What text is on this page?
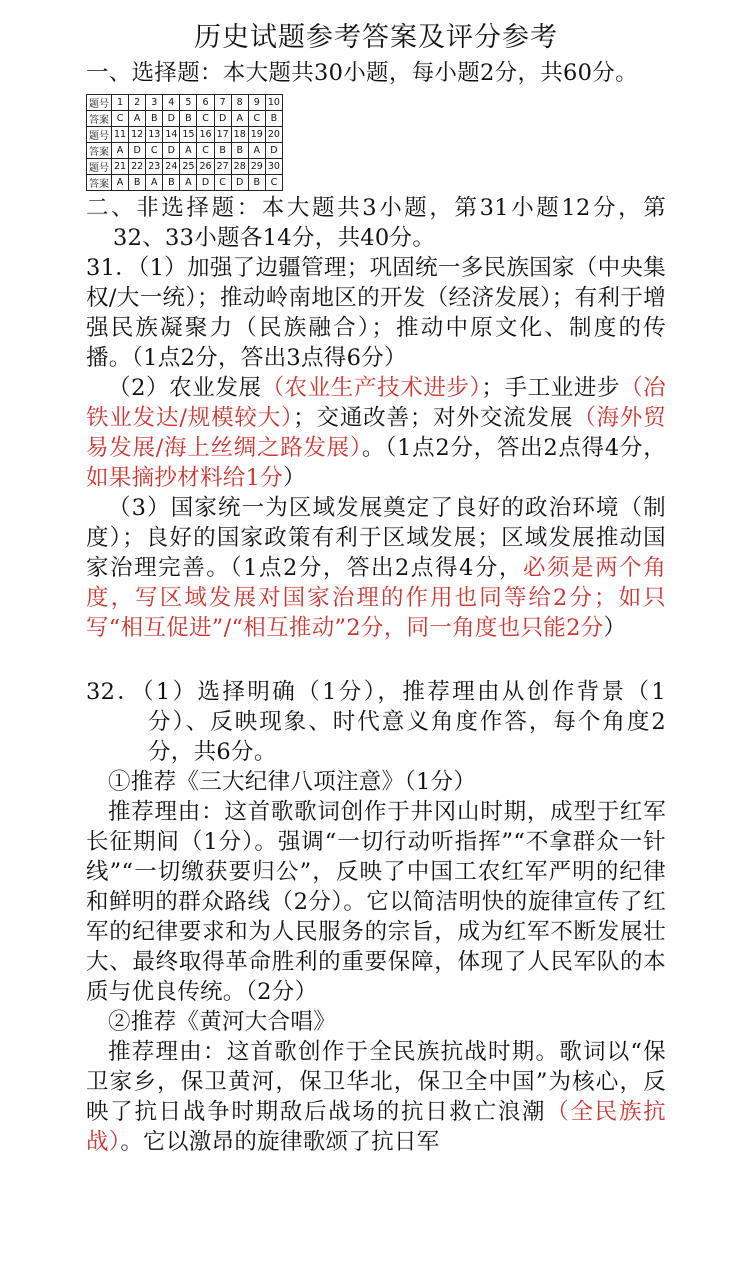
历史试题参考答案及评分参考
一、选择题：本大题共30小题，每小题2分，共60分。
题号	1	2	3	4	5	6	7	8	9	10
答案	C	A	B	D	B	C	D	A	C	B
题号	11	12	13	14	15	16	17	18	19	20
答案	A	D	C	D	A	C	B	B	A	D
题号	21	22	23	24	25	26	27	28	29	30
答案	A	B	A	B	A	D	C	D	B	C
二、非选择题：本大题共3小题，第31小题12分，第32、33小题各14分，共40分。
31．（1）加强了边疆管理；巩固统一多民族国家（中央集权/大一统）；推动岭南地区的开发（经济发展）；有利于增强民族凝聚力（民族融合）；推动中原文化、制度的传播。（1点2分，答出3点得6分）
（2）农业发展（农业生产技术进步）；手工业进步（冶铁业发达/规模较大）；交通改善；对外交流发展（海外贸易发展/海上丝绸之路发展）。（1点2分，答出2点得4分，如果摘抄材料给1分）
（3）国家统一为区域发展奠定了良好的政治环境（制度）；良好的国家政策有利于区域发展；区域发展推动国家治理完善。（1点2分，答出2点得4分，必须是两个角度，写区域发展对国家治理的作用也同等给2分；如只写“相互促进”/“相互推动”2分，同一角度也只能2分）
32．（1）选择明确（1分），推荐理由从创作背景（1分）、反映现象、时代意义角度作答，每个角度2分，共6分。
①推荐《三大纪律八项注意》（1分）
推荐理由：这首歌歌词创作于井冈山时期，成型于红军长征期间（1分）。强调“一切行动听指挥”“不拿群众一针线”“一切缴获要归公”，反映了中国工农红军严明的纪律和鲜明的群众路线（2分）。它以简洁明快的旋律宣传了红军的纪律要求和为人民服务的宗旨，成为红军不断发展壮大、最终取得革命胜利的重要保障，体现了人民军队的本质与优良传统。（2分）
②推荐《黄河大合唱》
推荐理由：这首歌创作于全民族抗战时期。歌词以“保卫家乡，保卫黄河，保卫华北，保卫全中国”为核心，反映了抗日战争时期敌后战场的抗日救亡浪潮（全民族抗战）。它以激昂的旋律歌颂了抗日军
